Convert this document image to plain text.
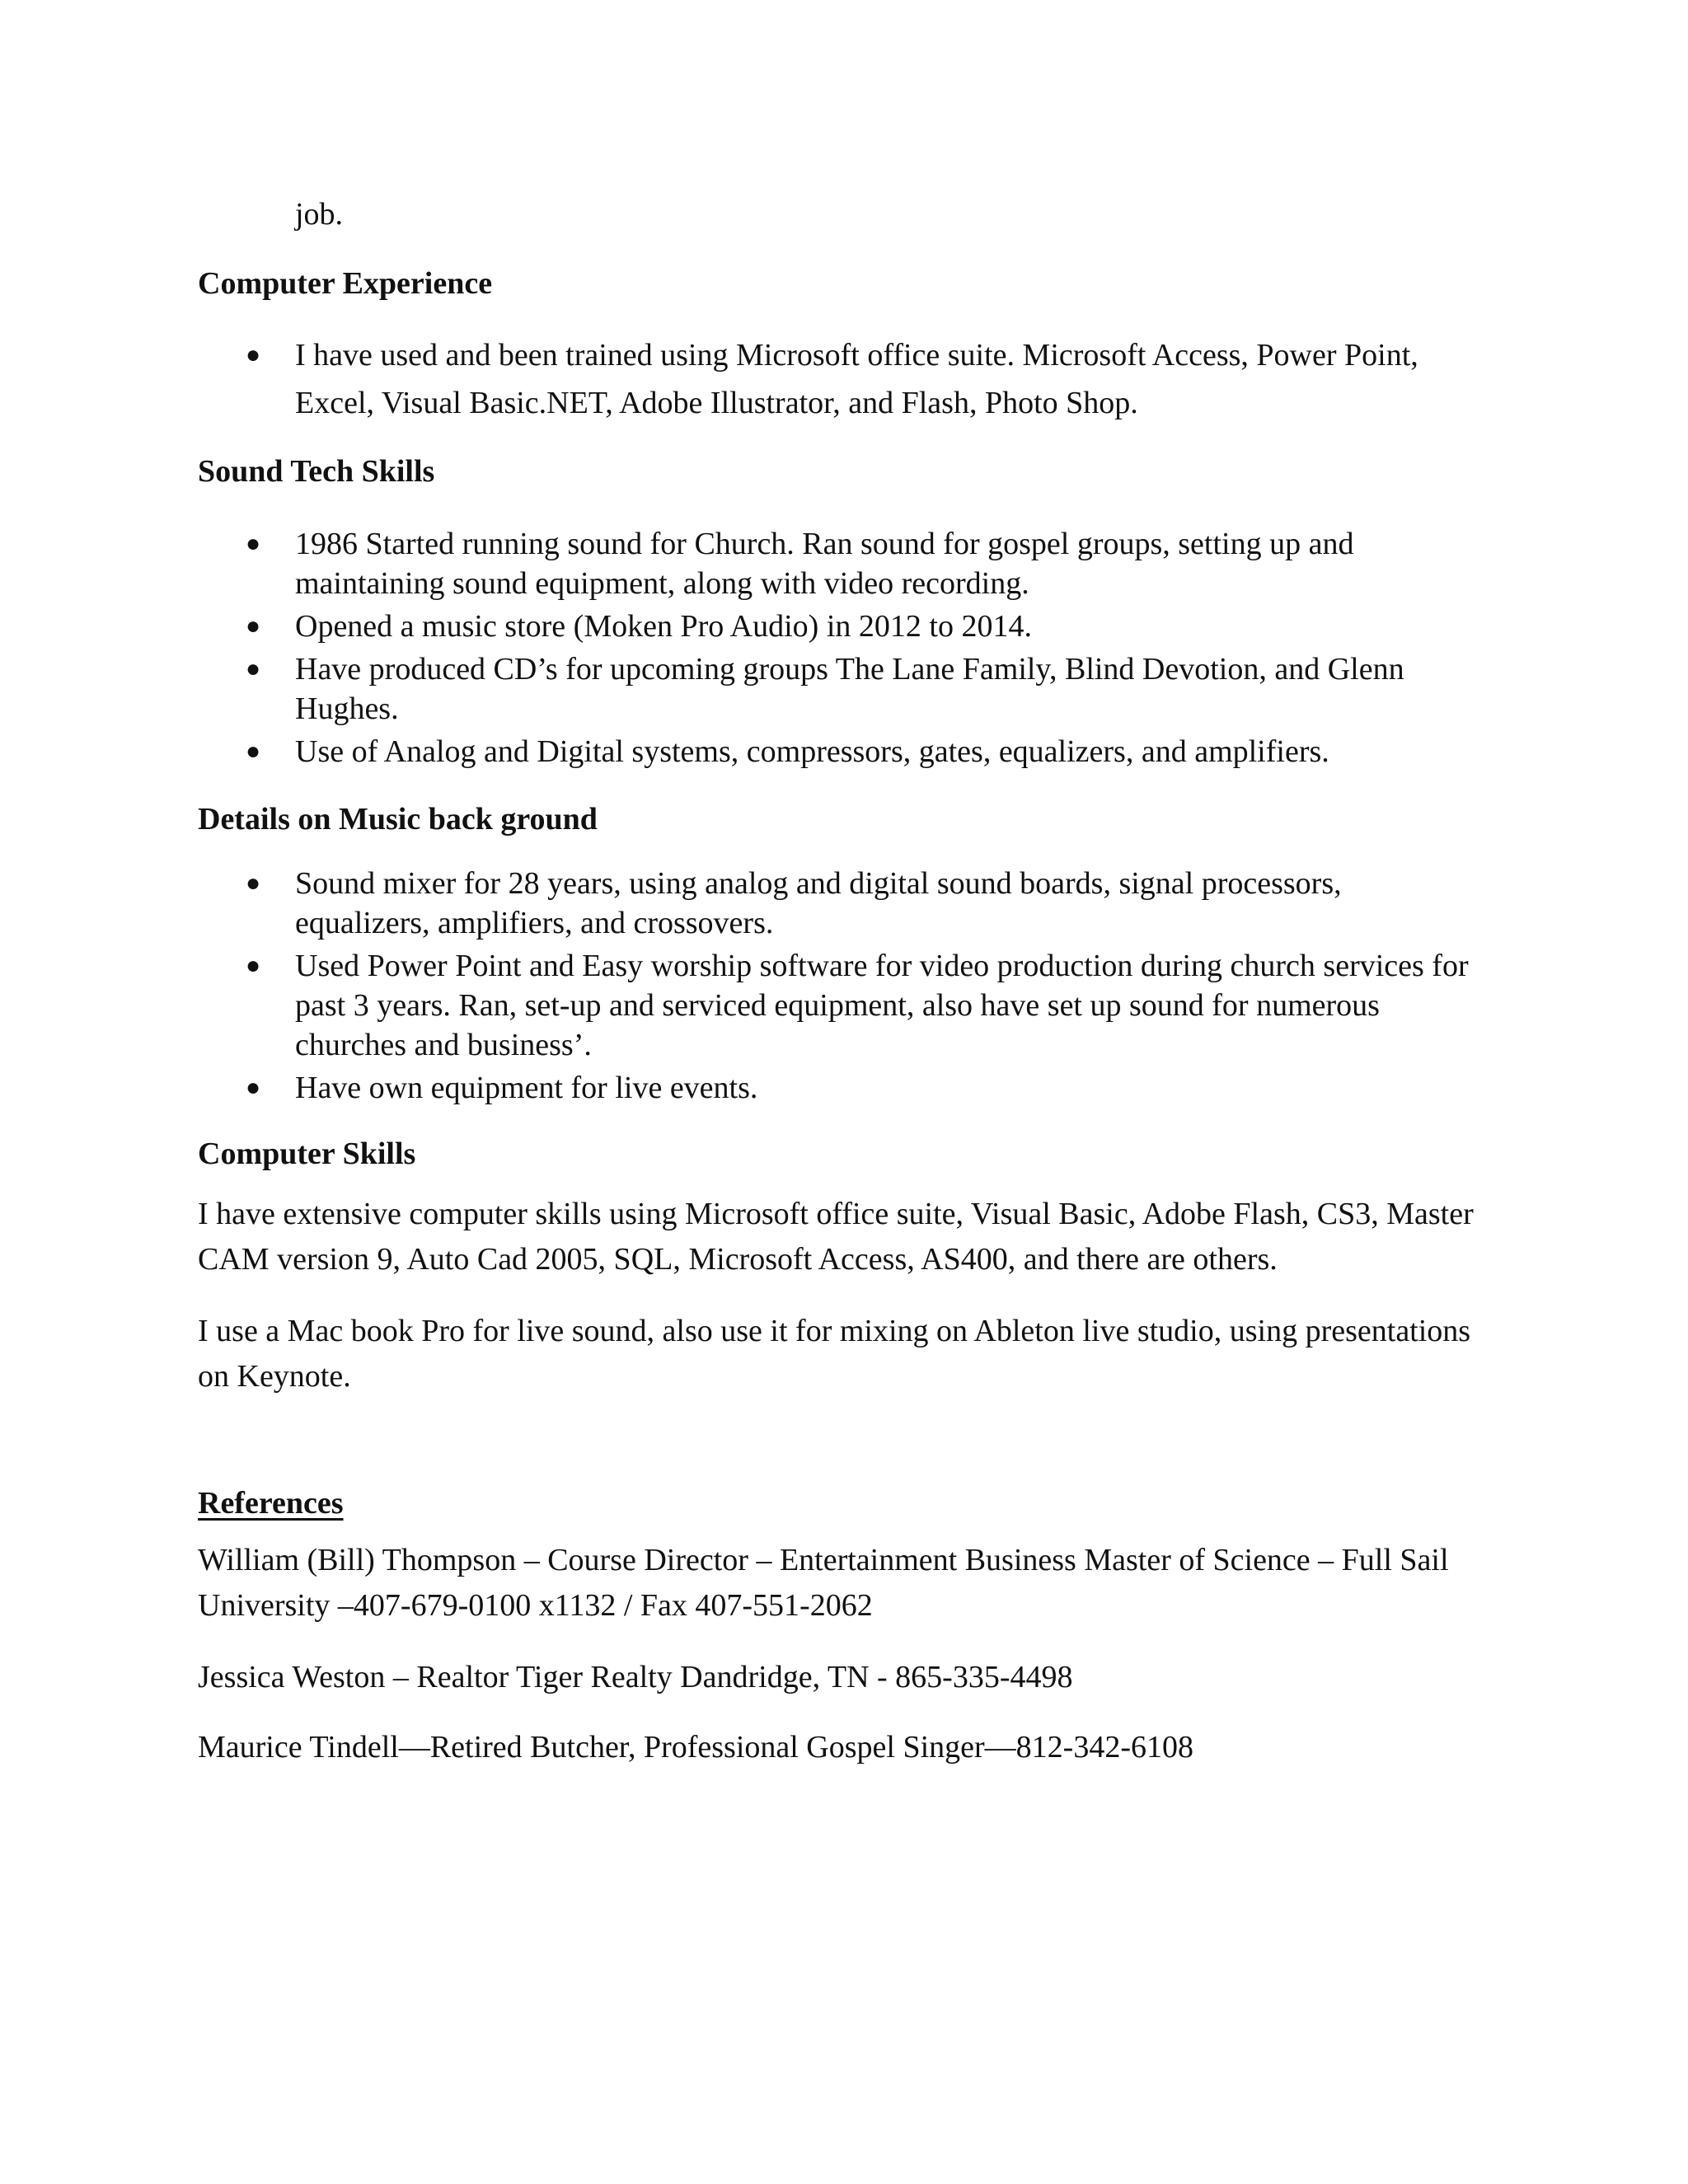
job.

Computer Experience
● I have used and been trained using Microsoft office suite. Microsoft Access, Power Point, Excel, Visual Basic.NET, Adobe Illustrator, and Flash, Photo Shop.
Sound Tech Skills
● 1986 Started running sound for Church. Ran sound for gospel groups, setting up and maintaining sound equipment, along with video recording.
● Opened a music store (Moken Pro Audio) in 2012 to 2014.
● Have produced CD’s for upcoming groups The Lane Family, Blind Devotion, and Glenn Hughes.
● Use of Analog and Digital systems, compressors, gates, equalizers, and amplifiers.
Details on Music back ground
● Sound mixer for 28 years, using analog and digital sound boards, signal processors, equalizers, amplifiers, and crossovers.
● Used Power Point and Easy worship software for video production during church services for past 3 years. Ran, set-up and serviced equipment, also have set up sound for numerous churches and business’.
● Have own equipment for live events.
Computer Skills

I have extensive computer skills using Microsoft office suite, Visual Basic, Adobe Flash, CS3, Master CAM version 9, Auto Cad 2005, SQL, Microsoft Access, AS400, and there are others.

I use a Mac book Pro for live sound, also use it for mixing on Ableton live studio, using presentations on Keynote.

References

William (Bill) Thompson – Course Director – Entertainment Business Master of Science – Full Sail University –407-679-0100 x1132 / Fax 407-551-2062

Jessica Weston – Realtor Tiger Realty Dandridge, TN - 865-335-4498

Maurice Tindell—Retired Butcher, Professional Gospel Singer—812-342-6108
